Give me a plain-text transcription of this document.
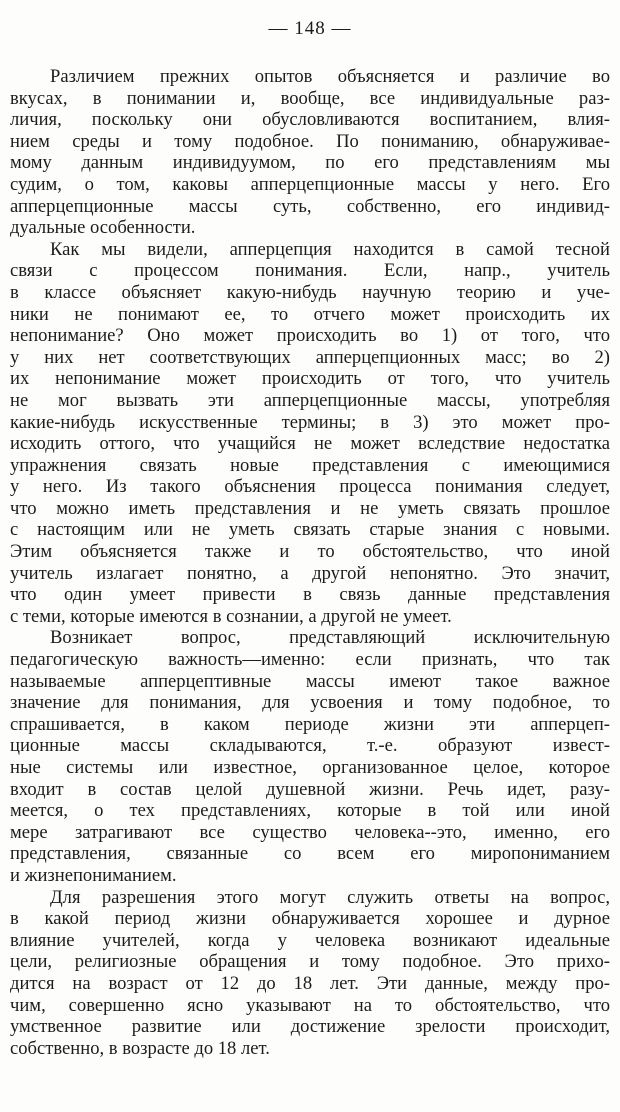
— 148 —
Различием прежних опытов объясняется и различие во
вкусах, в понимании и, вообще, все индивидуальные раз-
личия, поскольку они обусловливаются воспитанием, влия-
нием среды и тому подобное. По пониманию, обнаруживае-
мому данным индивидуумом, по его представлениям мы
судим, о том, каковы апперцепционные массы у него. Его
апперцепционные массы суть, собственно, его индивид-
дуальные особенности.
Как мы видели, апперцепция находится в самой тесной
связи с процессом понимания. Если, напр., учитель
в классе объясняет какую-нибудь научную теорию и уче-
ники не понимают ее, то отчего может происходить их
непонимание? Оно может происходить во 1) от того, что
у них нет соответствующих апперцепционных масс; во 2)
их непонимание может происходить от того, что учитель
не мог вызвать эти апперцепционные массы, употребляя
какие-нибудь искусственные термины; в 3) это может про-
исходить оттого, что учащийся не может вследствие недостатка
упражнения связать новые представления с имеющимися
у него. Из такого объяснения процесса понимания следует,
что можно иметь представления и не уметь связать прошлое
с настоящим или не уметь связать старые знания с новыми.
Этим объясняется также и то обстоятельство, что иной
учитель излагает понятно, а другой непонятно. Это значит,
что один умеет привести в связь данные представления
с теми, которые имеются в сознании, а другой не умеет.
Возникает вопрос, представляющий исключительную
педагогическую важность—именно: если признать, что так
называемые апперцептивные массы имеют такое важное
значение для понимания, для усвоения и тому подобное, то
спрашивается, в каком периоде жизни эти апперцеп-
ционные массы складываются, т.-е. образуют извест-
ные системы или известное, организованное целое, которое
входит в состав целой душевной жизни. Речь идет, разу-
меется, о тех представлениях, которые в той или иной
мере затрагивают все существо человека--это, именно, его
представления, связанные со всем его миропониманием
и жизнепониманием.
Для разрешения этого могут служить ответы на вопрос,
в какой период жизни обнаруживается хорошее и дурное
влияние учителей, когда у человека возникают идеальные
цели, религиозные обращения и тому подобное. Это прихо-
дится на возраст от 12 до 18 лет. Эти данные, между про-
чим, совершенно ясно указывают на то обстоятельство, что
умственное развитие или достижение зрелости происходит,
собственно, в возрасте до 18 лет.
